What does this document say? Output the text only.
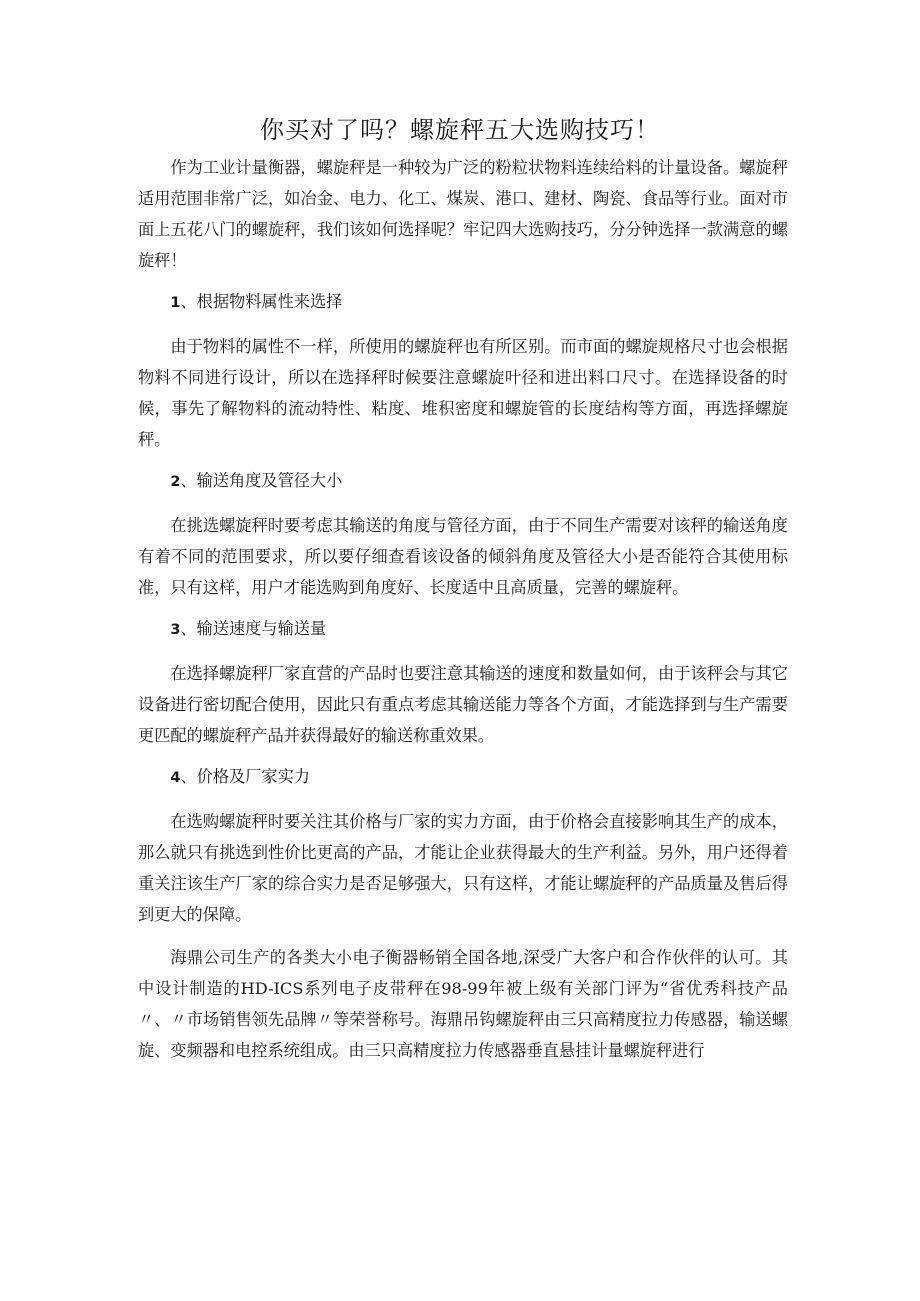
你买对了吗？螺旋秤五大选购技巧！

作为工业计量衡器，螺旋秤是一种较为广泛的粉粒状物料连续给料的计量设备。螺旋秤适用范围非常广泛，如冶金、电力、化工、煤炭、港口、建材、陶瓷、食品等行业。面对市面上五花八门的螺旋秤，我们该如何选择呢？牢记四大选购技巧，分分钟选择一款满意的螺旋秤！

1、根据物料属性来选择

由于物料的属性不一样，所使用的螺旋秤也有所区别。而市面的螺旋规格尺寸也会根据物料不同进行设计，所以在选择秤时候要注意螺旋叶径和进出料口尺寸。在选择设备的时候，事先了解物料的流动特性、粘度、堆积密度和螺旋管的长度结构等方面，再选择螺旋秤。

2、输送角度及管径大小

在挑选螺旋秤时要考虑其输送的角度与管径方面，由于不同生产需要对该秤的输送角度有着不同的范围要求，所以要仔细查看该设备的倾斜角度及管径大小是否能符合其使用标准，只有这样，用户才能选购到角度好、长度适中且高质量，完善的螺旋秤。

3、输送速度与输送量

在选择螺旋秤厂家直营的产品时也要注意其输送的速度和数量如何，由于该秤会与其它设备进行密切配合使用，因此只有重点考虑其输送能力等各个方面，才能选择到与生产需要更匹配的螺旋秤产品并获得最好的输送称重效果。

4、价格及厂家实力

在选购螺旋秤时要关注其价格与厂家的实力方面，由于价格会直接影响其生产的成本，那么就只有挑选到性价比更高的产品，才能让企业获得最大的生产利益。另外，用户还得着重关注该生产厂家的综合实力是否足够强大，只有这样，才能让螺旋秤的产品质量及售后得到更大的保障。

海鼎公司生产的各类大小电子衡器畅销全国各地,深受广大客户和合作伙伴的认可。其中设计制造的HD-ICS系列电子皮带秤在98-99年被上级有关部门评为“省优秀科技产品〃、〃市场销售领先品牌〃等荣誉称号。海鼎吊钩螺旋秤由三只高精度拉力传感器，输送螺旋、变频器和电控系统组成。由三只高精度拉力传感器垂直悬挂计量螺旋秤进行
